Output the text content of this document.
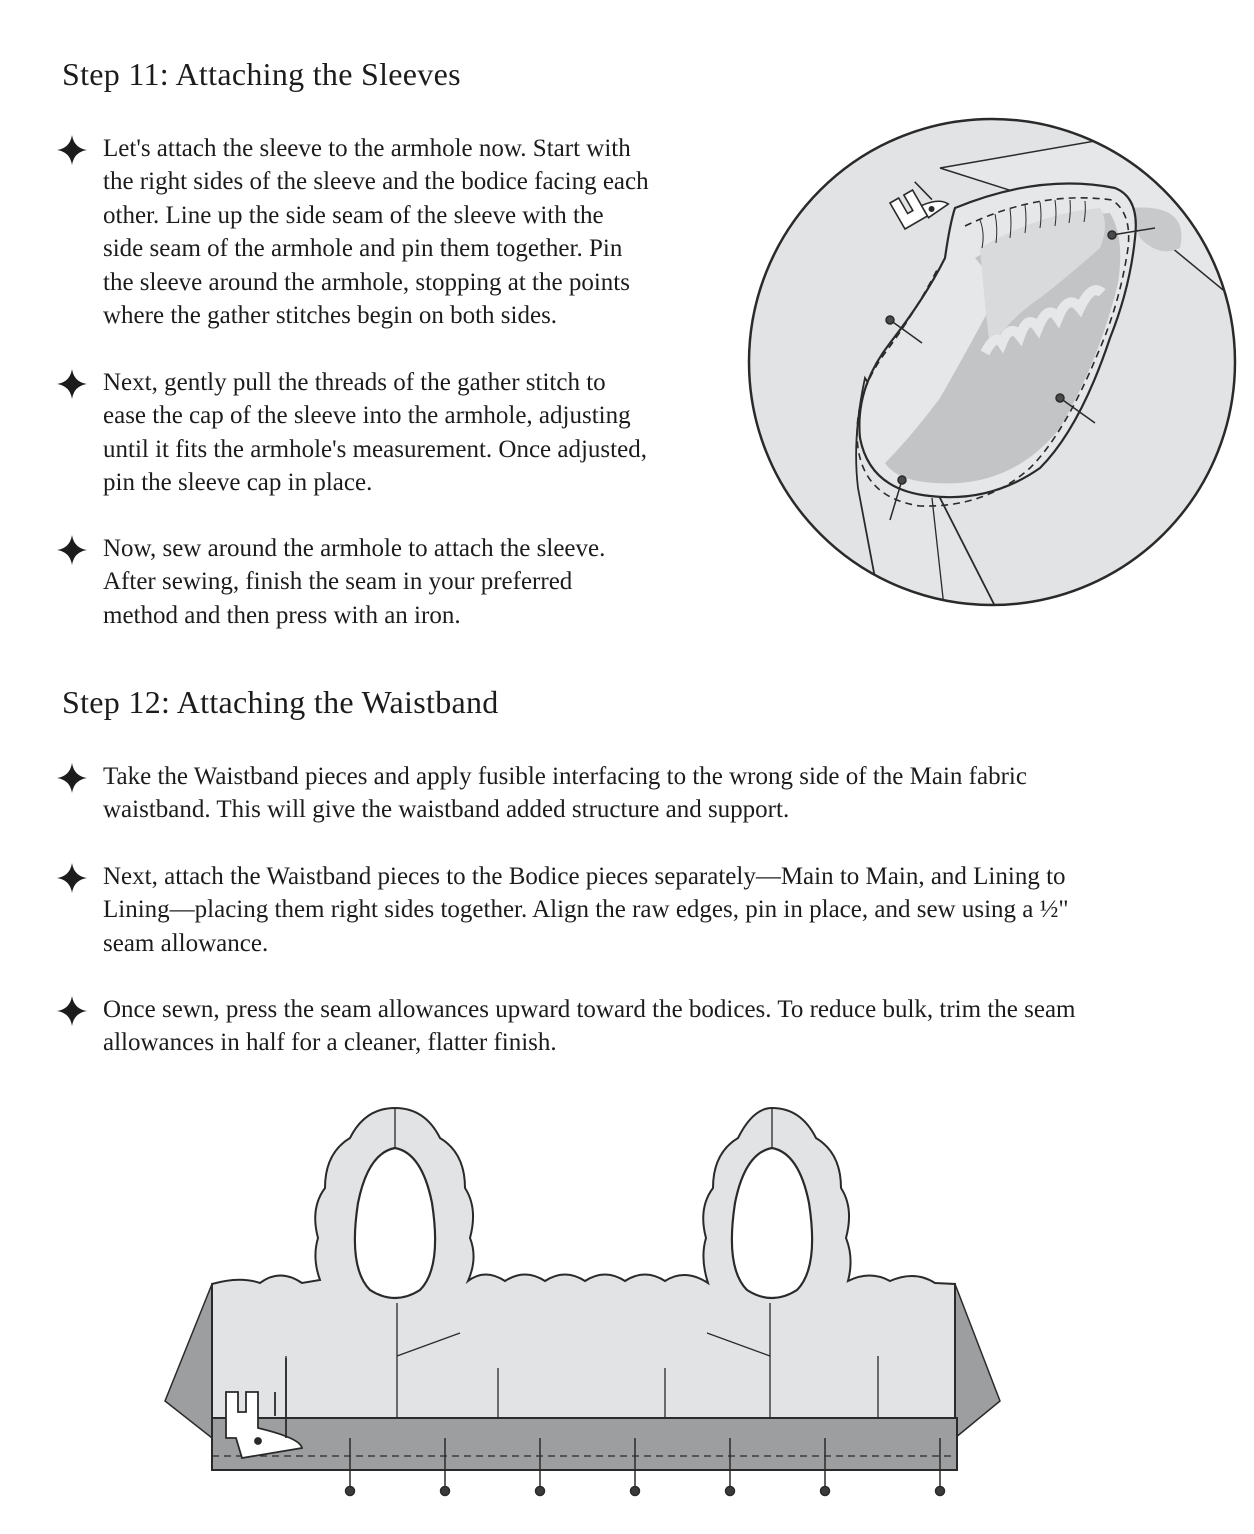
Step 11: Attaching the Sleeves

Let's attach the sleeve to the armhole now. Start with
the right sides of the sleeve and the bodice facing each
other. Line up the side seam of the sleeve with the
side seam of the armhole and pin them together. Pin
the sleeve around the armhole, stopping at the points
where the gather stitches begin on both sides.

Next, gently pull the threads of the gather stitch to
ease the cap of the sleeve into the armhole, adjusting
until it fits the armhole's measurement. Once adjusted,
pin the sleeve cap in place.

Now, sew around the armhole to attach the sleeve.
After sewing, finish the seam in your preferred
method and then press with an iron.

Step 12: Attaching the Waistband

Take the Waistband pieces and apply fusible interfacing to the wrong side of the Main fabric
waistband. This will give the waistband added structure and support.

Next, attach the Waistband pieces to the Bodice pieces separately—Main to Main, and Lining to
Lining—placing them right sides together. Align the raw edges, pin in place, and sew using a ½"
seam allowance.

Once sewn, press the seam allowances upward toward the bodices. To reduce bulk, trim the seam
allowances in half for a cleaner, flatter finish.
